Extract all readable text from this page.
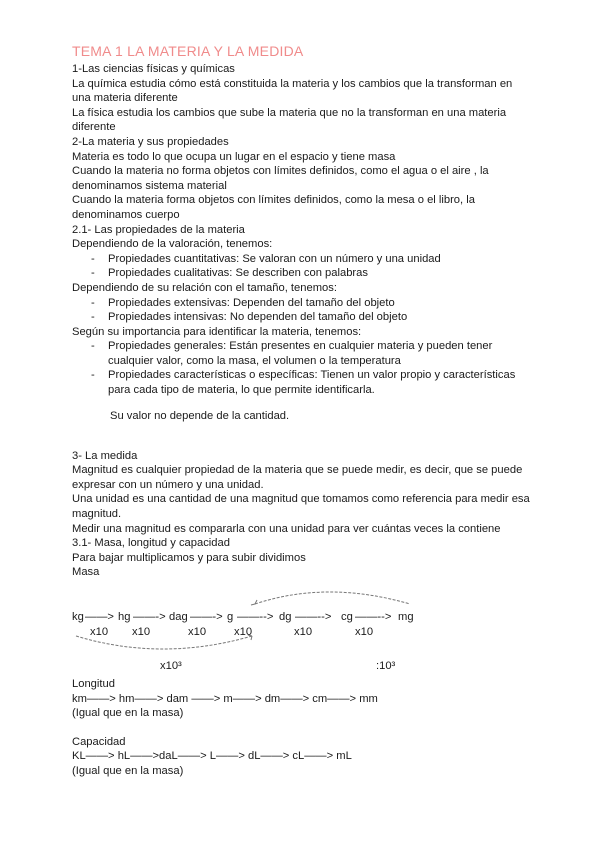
TEMA 1 LA MATERIA Y LA MEDIDA

1-Las ciencias físicas y químicas

La química estudia cómo está constituida la materia y los cambios que la transforman en una materia diferente

La física estudia los cambios que sube la materia que no la transforman en una materia diferente

2-La materia y sus propiedades

Materia es todo lo que ocupa un lugar en el espacio y tiene masa

Cuando la materia no forma objetos con límites definidos, como el agua o el aire , la denominamos sistema material

Cuando la materia forma objetos con límites definidos, como la mesa o el libro, la denominamos cuerpo

2.1- Las propiedades de la materia

Dependiendo de la valoración, tenemos:

- Propiedades cuantitativas: Se valoran con un número y una unidad
- Propiedades cualitativas: Se describen con palabras

Dependiendo de su relación con el tamaño, tenemos:

- Propiedades extensivas: Dependen del tamaño del objeto
- Propiedades intensivas: No dependen del tamaño del objeto

Según su importancia para identificar la materia, tenemos:

- Propiedades generales: Están presentes en cualquier materia y pueden tener cualquier valor, como la masa, el volumen o la temperatura
- Propiedades características o específicas: Tienen un valor propio y características para cada tipo de materia, lo que permite identificarla.

Su valor no depende de la cantidad.

3- La medida

Magnitud es cualquier propiedad de la materia que se puede medir, es decir, que se puede expresar con un número y una unidad.

Una unidad es una cantidad de una magnitud que tomamos como referencia para medir esa magnitud.

Medir una magnitud es compararla con una unidad para ver cuántas veces la contiene

3.1- Masa, longitud y capacidad

Para bajar multiplicamos y para subir dividimos

Masa

kg ——> hg ——-> dag ——-> g ——--> dg ——--> cg ——--> mg
x10 x10	x10 x10	x10	x10
x10³	:10³

Longitud

km——> hm——> dam ——> m——> dm——> cm——> mm

(Igual que en la masa)

Capacidad

KL——> hL——>daL——> L——> dL——> cL——> mL

(Igual que en la masa)
